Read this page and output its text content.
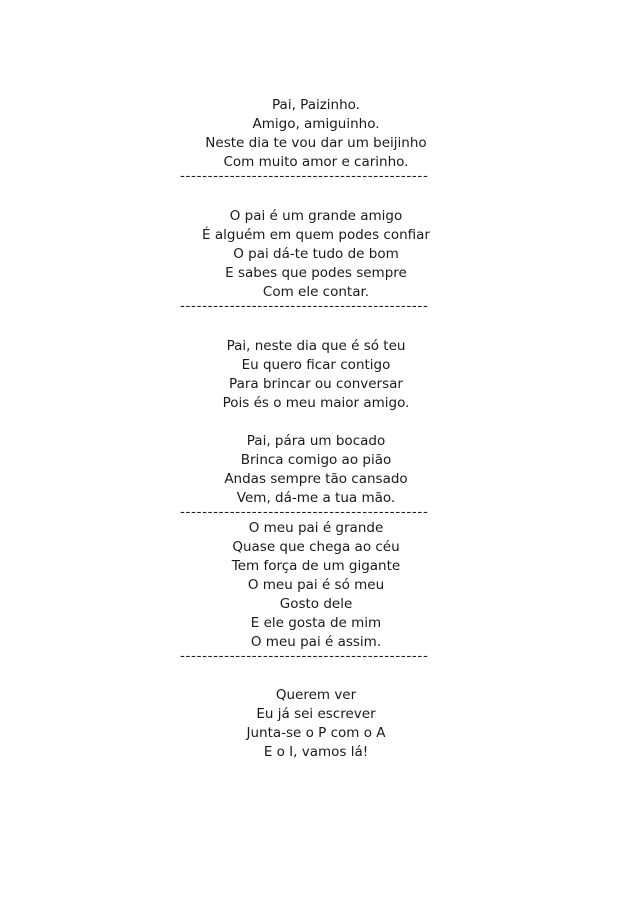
Pai, Paizinho.
Amigo, amiguinho.
Neste dia te vou dar um beijinho
Com muito amor e carinho.
---------------------------------------------
O pai é um grande amigo
É alguém em quem podes confiar
O pai dá-te tudo de bom
E sabes que podes sempre
Com ele contar.
---------------------------------------------
Pai, neste dia que é só teu
Eu quero ficar contigo
Para brincar ou conversar
Pois és o meu maior amigo.
Pai, pára um bocado
Brinca comigo ao pião
Andas sempre tão cansado
Vem, dá-me a tua mão.
---------------------------------------------
O meu pai é grande
Quase que chega ao céu
Tem força de um gigante
O meu pai é só meu
Gosto dele
E ele gosta de mim
O meu pai é assim.
---------------------------------------------
Querem ver
Eu já sei escrever
Junta-se o P com o A
E o I, vamos lá!
